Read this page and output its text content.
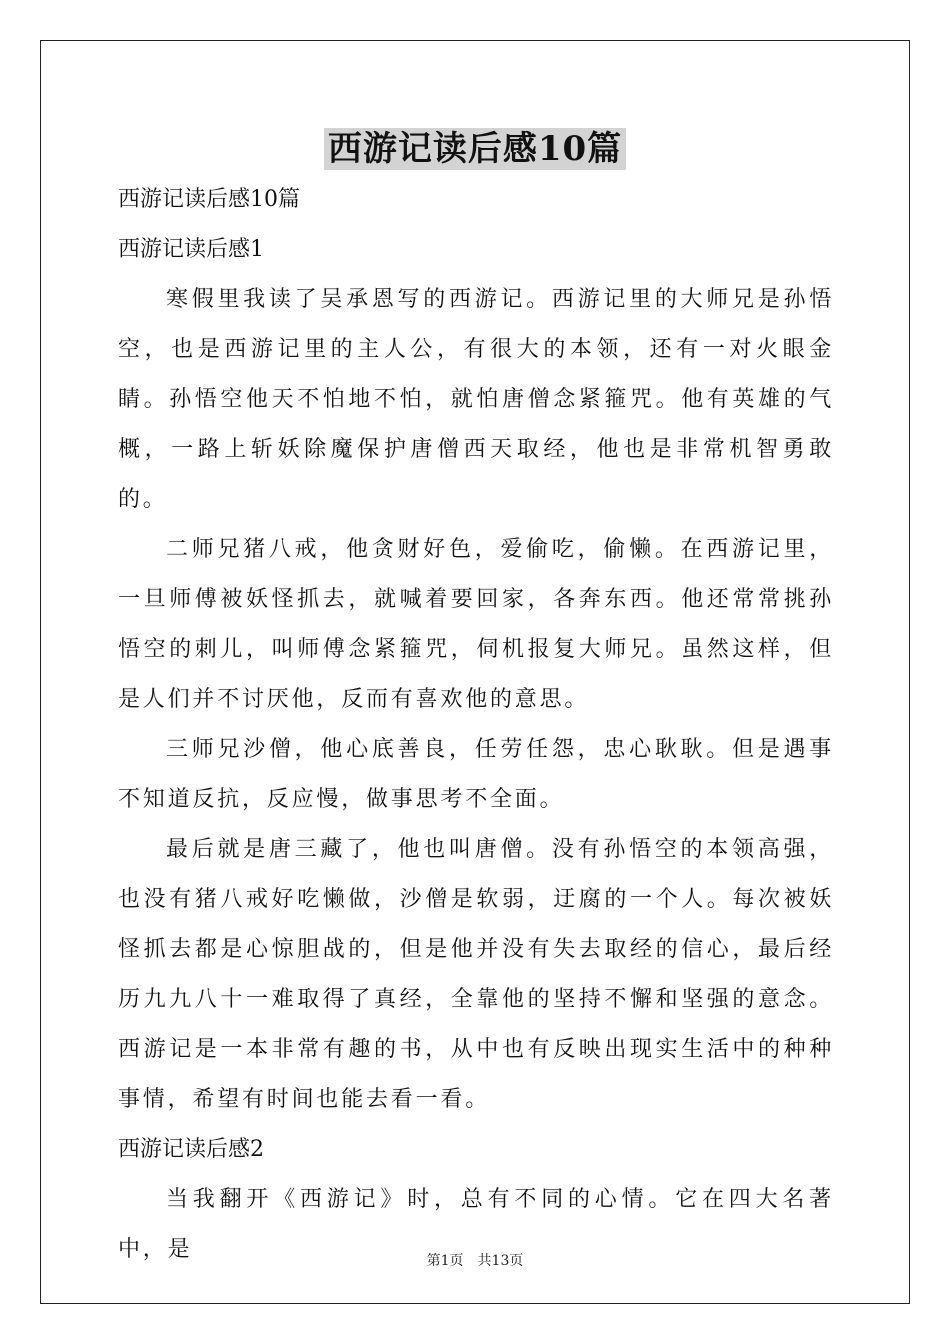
西游记读后感10篇
西游记读后感10篇
西游记读后感1

寒假里我读了吴承恩写的西游记。西游记里的大师兄是孙悟空，也是西游记里的主人公，有很大的本领，还有一对火眼金睛。孙悟空他天不怕地不怕，就怕唐僧念紧箍咒。他有英雄的气概，一路上斩妖除魔保护唐僧西天取经，他也是非常机智勇敢的。

二师兄猪八戒，他贪财好色，爱偷吃，偷懒。在西游记里，一旦师傅被妖怪抓去，就喊着要回家，各奔东西。他还常常挑孙悟空的刺儿，叫师傅念紧箍咒，伺机报复大师兄。虽然这样，但是人们并不讨厌他，反而有喜欢他的意思。

三师兄沙僧，他心底善良，任劳任怨，忠心耿耿。但是遇事不知道反抗，反应慢，做事思考不全面。

最后就是唐三藏了，他也叫唐僧。没有孙悟空的本领高强，也没有猪八戒好吃懒做，沙僧是软弱，迂腐的一个人。每次被妖怪抓去都是心惊胆战的，但是他并没有失去取经的信心，最后经历九九八十一难取得了真经，全靠他的坚持不懈和坚强的意念。西游记是一本非常有趣的书，从中也有反映出现实生活中的种种事情，希望有时间也能去看一看。

西游记读后感2

当我翻开《西游记》时，总有不同的心情。它在四大名著中，是	第1页　共13页
